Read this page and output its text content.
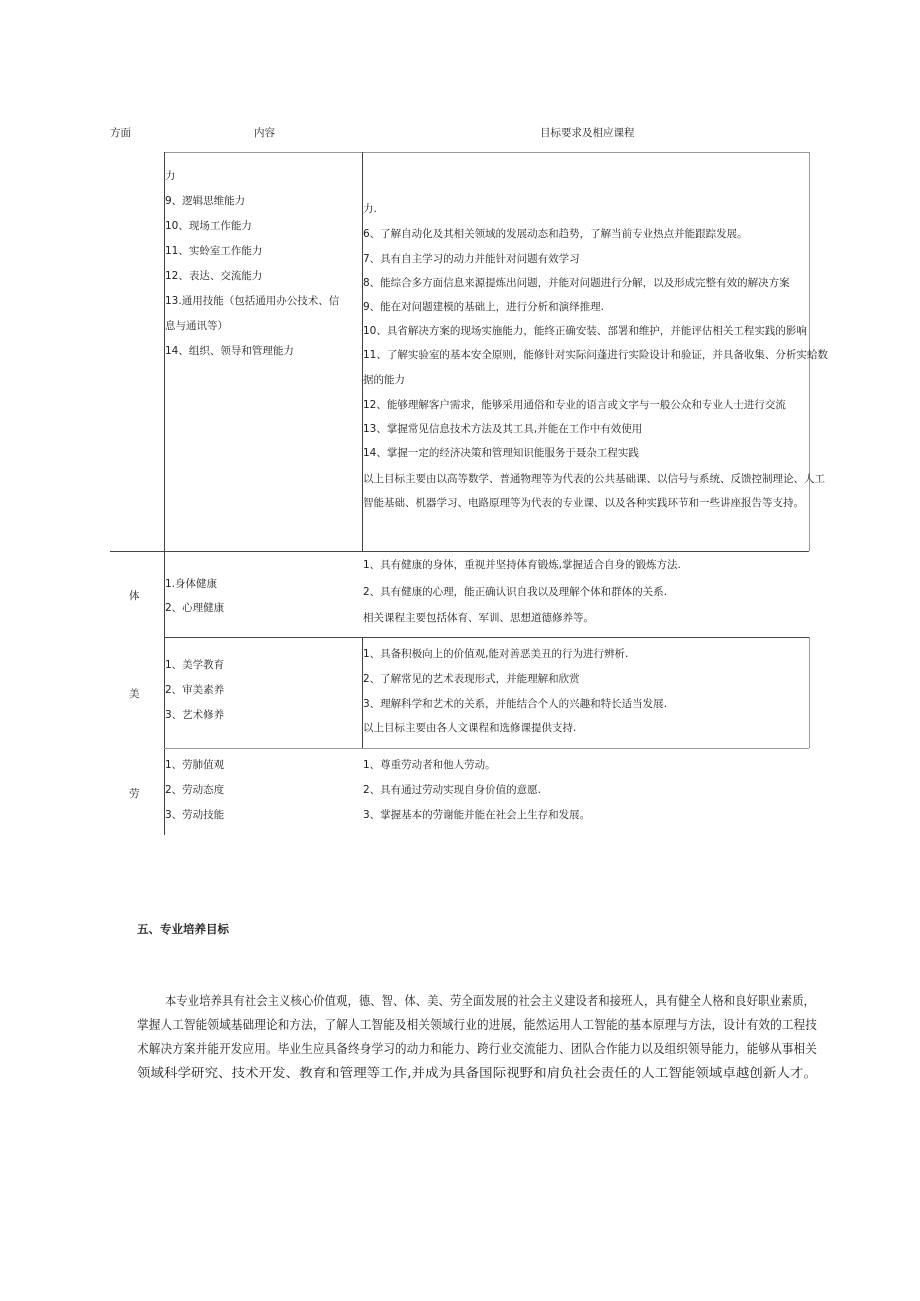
方面	内容	目标要求及相应课程
力
9、逻辑思维能力
10、现场工作能力
11、实蛉室工作能力
12、表达、交流能力
13.通用技能（包括通用办公技术、信
息与通讯等）
14、组织、领导和管理能力
力.
6、了解自动化及其相关领域的发展动态和趋势，了解当前专业热点并能跟踪发展。
7、具有自主学习的动力并能针对问题有效学习
8、能综合多方面信息来源提炼出问题，并能对问题进行分解，以及形成完整有效的解决方案
9、能在对问题建模的基础上，进行分析和演绎推理.
10、具省解决方案的现场实施能力，能终正确安装、部署和维护，并能评估相关工程实践的影响
11、了解实验室的基本安全原则，能修针对实际问蓬进行实险设计和验证，并具备收集、分析实蛤数
据的能力
12、能够理解客户需求，能够采用通俗和专业的语言或文字与一般公众和专业人士进行交流
13、掌握常见信息技术方法及其工具,并能在工作中有效使用
14、掌握一定的经济决策和管理知识能服务于聂杂工程实践
以上目标主要由以高等数学、普通物理等为代表的公共基础课、以信号与系统、反馈控制理论、人工
智能基础、机器学习、电路原理等为代表的专业课、以及各种实践环节和一些讲座报告等支持。
体
1.身体健康
2、心理健康
1、具有健康的身体，重视并坚持体育锻炼,掌握适合自身的锻炼方法.
2、具有健康的心理，能正确认识自我以及理解个体和群体的关系.
相关课程主要包括体育、军训、思想道德修养等。
美
1、美学教育
2、审美素养
3、艺术修养
1、具备积极向上的价值观,能对善恶美丑的行为进行辨析.
2、了解常见的艺术表现形式，并能理解和欣赏
3、理解科学和艺术的关系，并能结合个人的兴趣和特长适当发展.
以上目标主要由各人文课程和选修课提供支持.
劳
1、劳肺值观
2、劳动态度
3、劳动技能
1、尊重劳动者和他人劳动。
2、具有通过劳动实现自身价值的意愿.
3、掌握基本的劳谢能并能在社会上生存和发展。
五、专业培养目标
本专业培养具有社会主义核心价值观，德、智、体、美、劳全面发展的社会主义建设者和接班人，具有健全人格和良好职业素质，
掌握人工智能领域基础理论和方法，了解人工智能及相关领域行业的进展，能然运用人工智能的基本原理与方法，设计有效的工程技
术解决方案并能开发应用。毕业生应具备终身学习的动力和能力、跨行业交流能力、团队合作能力以及组织领导能力，能够从事相关
领域科学研究、技术开发、教育和管理等工作,并成为具备国际视野和肩负社会责任的人工智能领域卓越创新人才。
